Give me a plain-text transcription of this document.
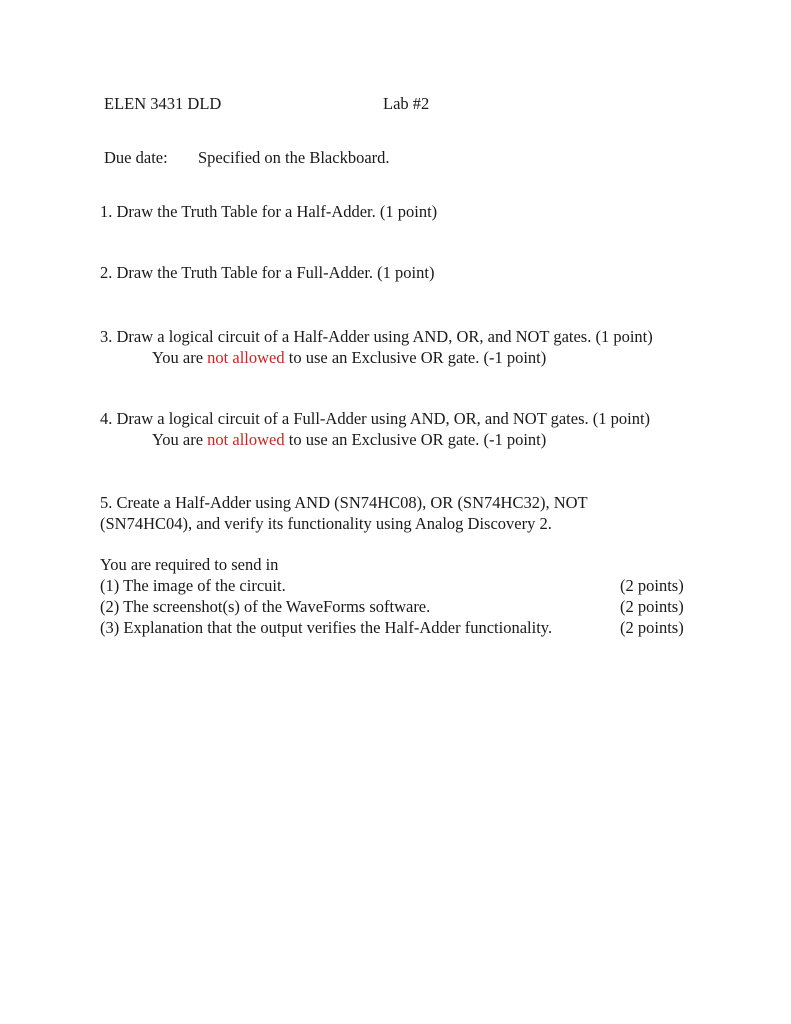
ELEN 3431 DLD	Lab #2
Due date: Specified on the Blackboard.
1. Draw the Truth Table for a Half-Adder. (1 point)
2. Draw the Truth Table for a Full-Adder. (1 point)
3. Draw a logical circuit of a Half-Adder using AND, OR, and NOT gates. (1 point)
You are not allowed to use an Exclusive OR gate. (-1 point)
4. Draw a logical circuit of a Full-Adder using AND, OR, and NOT gates. (1 point)
You are not allowed to use an Exclusive OR gate. (-1 point)
5. Create a Half-Adder using AND (SN74HC08), OR (SN74HC32), NOT
(SN74HC04), and verify its functionality using Analog Discovery 2.
You are required to send in
(1) The image of the circuit.	(2 points)
(2) The screenshot(s) of the WaveForms software.	(2 points)
(3) Explanation that the output verifies the Half-Adder functionality.	(2 points)
